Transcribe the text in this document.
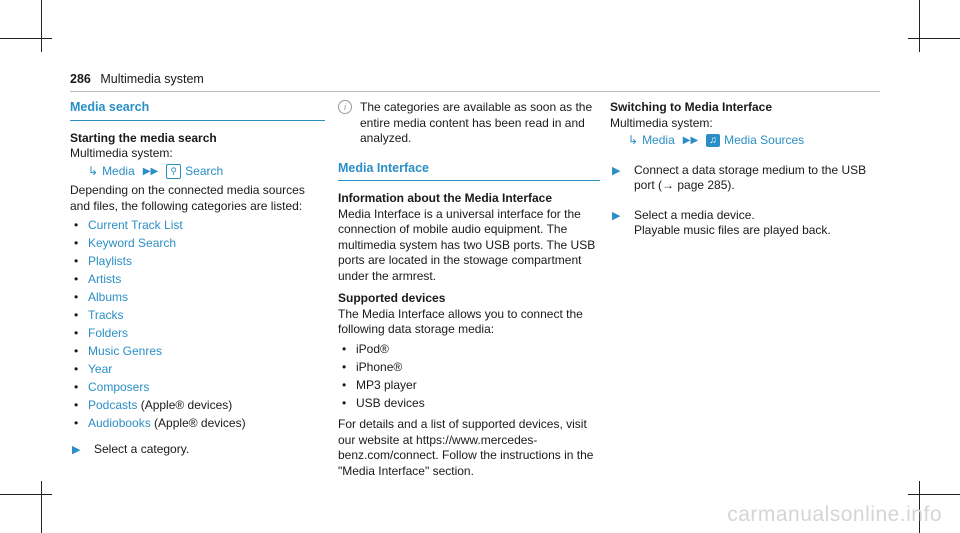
286 Multimedia system
Media search
Starting the media search
Multimedia system:
↳ Media ▶▶	⚲ Search
Depending on the connected media sources and files, the following categories are listed:
• Current Track List
• Keyword Search
• Playlists
• Artists
• Albums
• Tracks
• Folders
• Music Genres
• Year
• Composers
• Podcasts (Apple® devices)
• Audiobooks (Apple® devices)
▶ Select a category.
i	The categories are available as soon as the entire media content has been read in and analyzed.
Media Interface
Information about the Media Interface
Media Interface is a universal interface for the connection of mobile audio equipment. The multimedia system has two USB ports. The USB ports are located in the stowage compartment under the armrest.
Supported devices
The Media Interface allows you to connect the following data storage media:
• iPod®
• iPhone®
• MP3 player
• USB devices
For details and a list of supported devices, visit our website at https://www.mercedes-benz.com/connect. Follow the instructions in the "Media Interface" section.
Switching to Media Interface
Multimedia system:
↳ Media ▶▶	♫ Media Sources
▶ Connect a data storage medium to the USB port (→ page 285).
▶ Select a media device.
Playable music files are played back.
carmanualsonline.info
